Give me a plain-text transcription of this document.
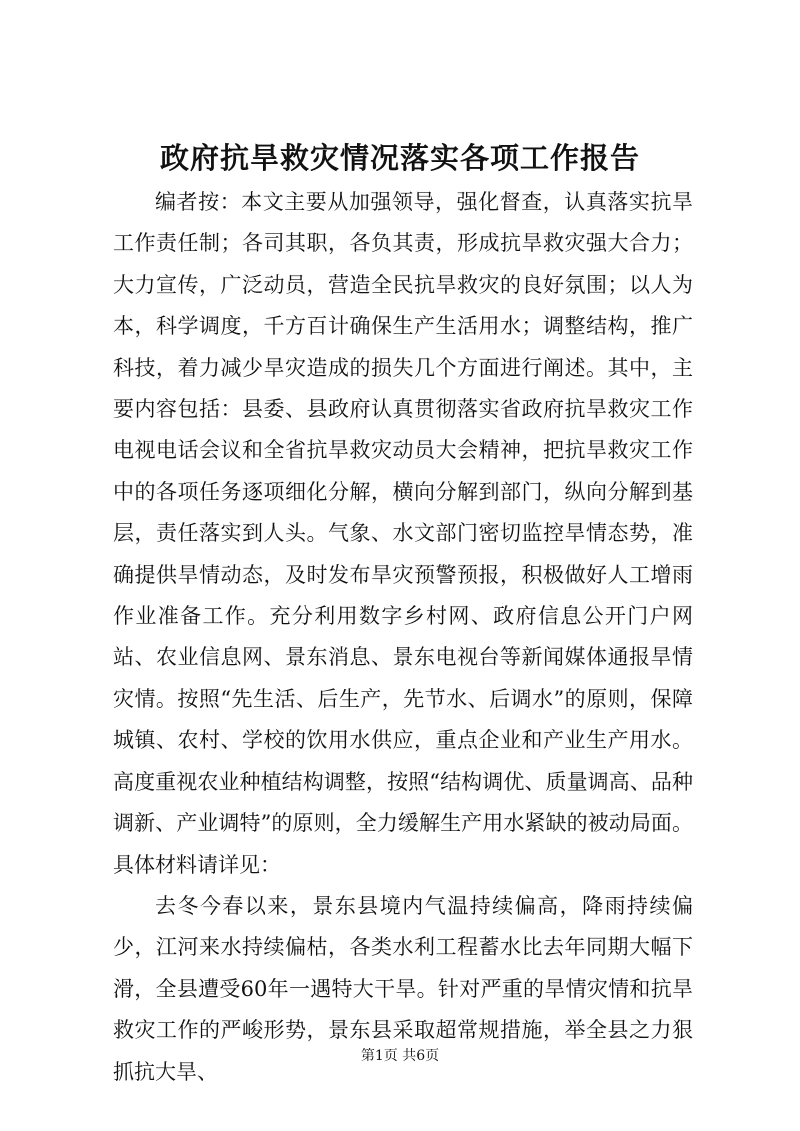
政府抗旱救灾情况落实各项工作报告

编者按：本文主要从加强领导，强化督查，认真落实抗旱工作责任制；各司其职，各负其责，形成抗旱救灾强大合力；大力宣传，广泛动员，营造全民抗旱救灾的良好氛围；以人为本，科学调度，千方百计确保生产生活用水；调整结构，推广科技，着力减少旱灾造成的损失几个方面进行阐述。其中，主要内容包括：县委、县政府认真贯彻落实省政府抗旱救灾工作电视电话会议和全省抗旱救灾动员大会精神，把抗旱救灾工作中的各项任务逐项细化分解，横向分解到部门，纵向分解到基层，责任落实到人头。气象、水文部门密切监控旱情态势，准确提供旱情动态，及时发布旱灾预警预报，积极做好人工增雨作业准备工作。充分利用数字乡村网、政府信息公开门户网站、农业信息网、景东消息、景东电视台等新闻媒体通报旱情灾情。按照“先生活、后生产，先节水、后调水”的原则，保障城镇、农村、学校的饮用水供应，重点企业和产业生产用水。高度重视农业种植结构调整，按照“结构调优、质量调高、品种调新、产业调特”的原则，全力缓解生产用水紧缺的被动局面。具体材料请详见：

去冬今春以来，景东县境内气温持续偏高，降雨持续偏少，江河来水持续偏枯，各类水利工程蓄水比去年同期大幅下滑，全县遭受60年一遇特大干旱。针对严重的旱情灾情和抗旱救灾工作的严峻形势，景东县采取超常规措施，举全县之力狠抓抗大旱、

第1页 共6页
